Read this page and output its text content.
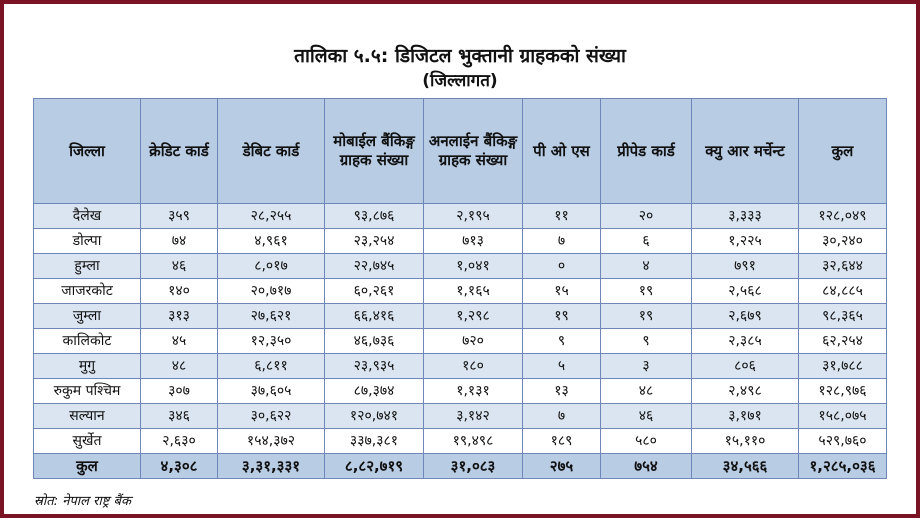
तालिका ५.५: डिजिटल भुक्तानी ग्राहकको संख्या
(जिल्लागत)
जिल्ला	क्रेडिट कार्ड	डेबिट कार्ड	मोबाईल बैंकिङ्ग ग्राहक संख्या	अनलाईन बैंकिङ्ग ग्राहक संख्या	पी ओ एस	प्रीपेड कार्ड	क्यु आर मर्चेन्ट	कुल
दैलेख	३५९	२८,२५५	९३,८७६	२,१९५	११	२०	३,३३३	१२८,०४९
डोल्पा	७४	४,९६१	२३,२५४	७१३	७	६	१,२२५	३०,२४०
हुम्ला	४६	८,०१७	२२,७४५	१,०४१	०	४	७९१	३२,६४४
जाजरकोट	१४०	२०,७१७	६०,२६१	१,१६५	१५	१९	२,५६८	८४,८८५
जुम्ला	३१३	२७,६२१	६६,४१६	१,२९८	१९	१९	२,६७९	९८,३६५
कालिकोट	४५	१२,३५०	४६,७३६	७२०	९	९	२,३८५	६२,२५४
मुगु	४८	६,८११	२३,९३५	१८०	५	३	८०६	३१,७८८
रुकुम पश्चिम	३०७	३७,६०५	८७,३७४	१,१३१	१३	४८	२,४९८	१२८,९७६
सल्यान	३४६	३०,६२२	१२०,७४१	३,१४२	७	४६	३,१७१	१५८,०७५
सुर्खेत	२,६३०	१५४,३७२	३३७,३८१	१९,४९८	१८९	५८०	१५,११०	५२९,७६०
कुल	४,३०८	३,३१,३३१	८,८२,७१९	३१,०८३	२७५	७५४	३४,५६६	१,२८५,०३६
स्रोत: नेपाल राष्ट्र बैंक
